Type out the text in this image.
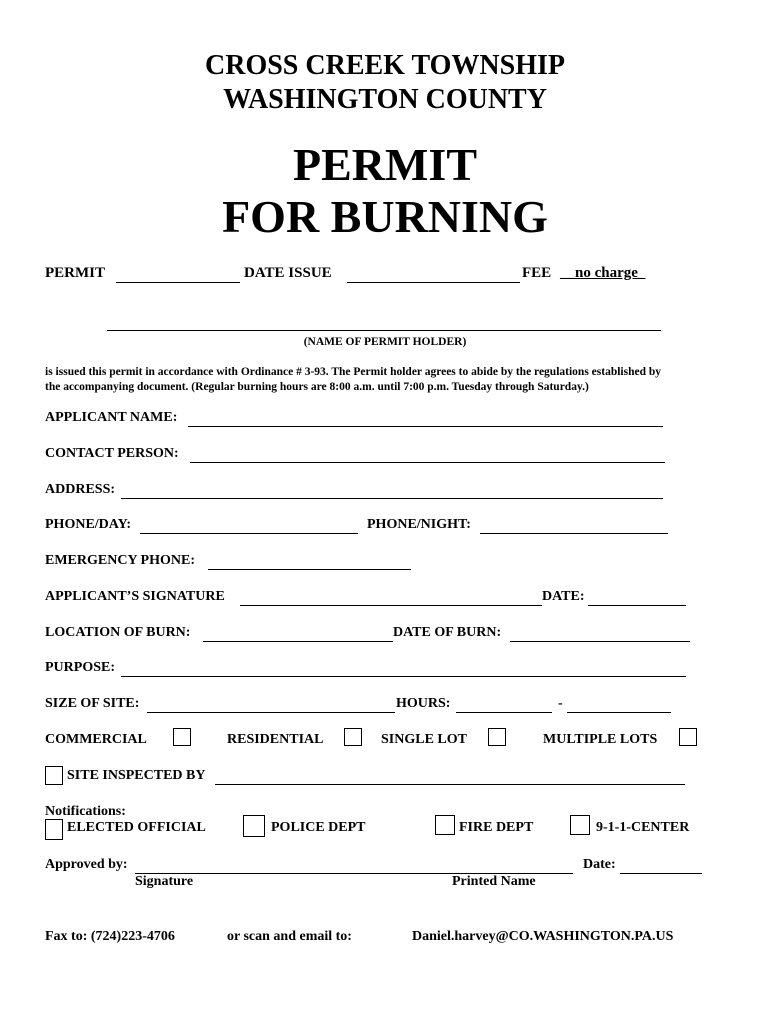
CROSS CREEK TOWNSHIP
WASHINGTON COUNTY
PERMIT
FOR BURNING
PERMIT	DATE ISSUE	FEE __no charge_
(NAME OF PERMIT HOLDER)
is issued this permit in accordance with Ordinance # 3-93. The Permit holder agrees to abide by the regulations established by
the accompanying document. (Regular burning hours are 8:00 a.m. until 7:00 p.m. Tuesday through Saturday.)
APPLICANT NAME:
CONTACT PERSON:
ADDRESS:
PHONE/DAY:	PHONE/NIGHT:
EMERGENCY PHONE:
APPLICANT’S SIGNATURE	DATE:
LOCATION OF BURN:	DATE OF BURN:
PURPOSE:
SIZE OF SITE:	HOURS:	-
COMMERCIAL	RESIDENTIAL	SINGLE LOT	MULTIPLE LOTS
SITE INSPECTED BY
Notifications:
ELECTED OFFICIAL	POLICE DEPT	FIRE DEPT	9-1-1-CENTER
Approved by:	Date:
Signature	Printed Name
Fax to: (724)223-4706	or scan and email to:	Daniel.harvey@CO.WASHINGTON.PA.US
